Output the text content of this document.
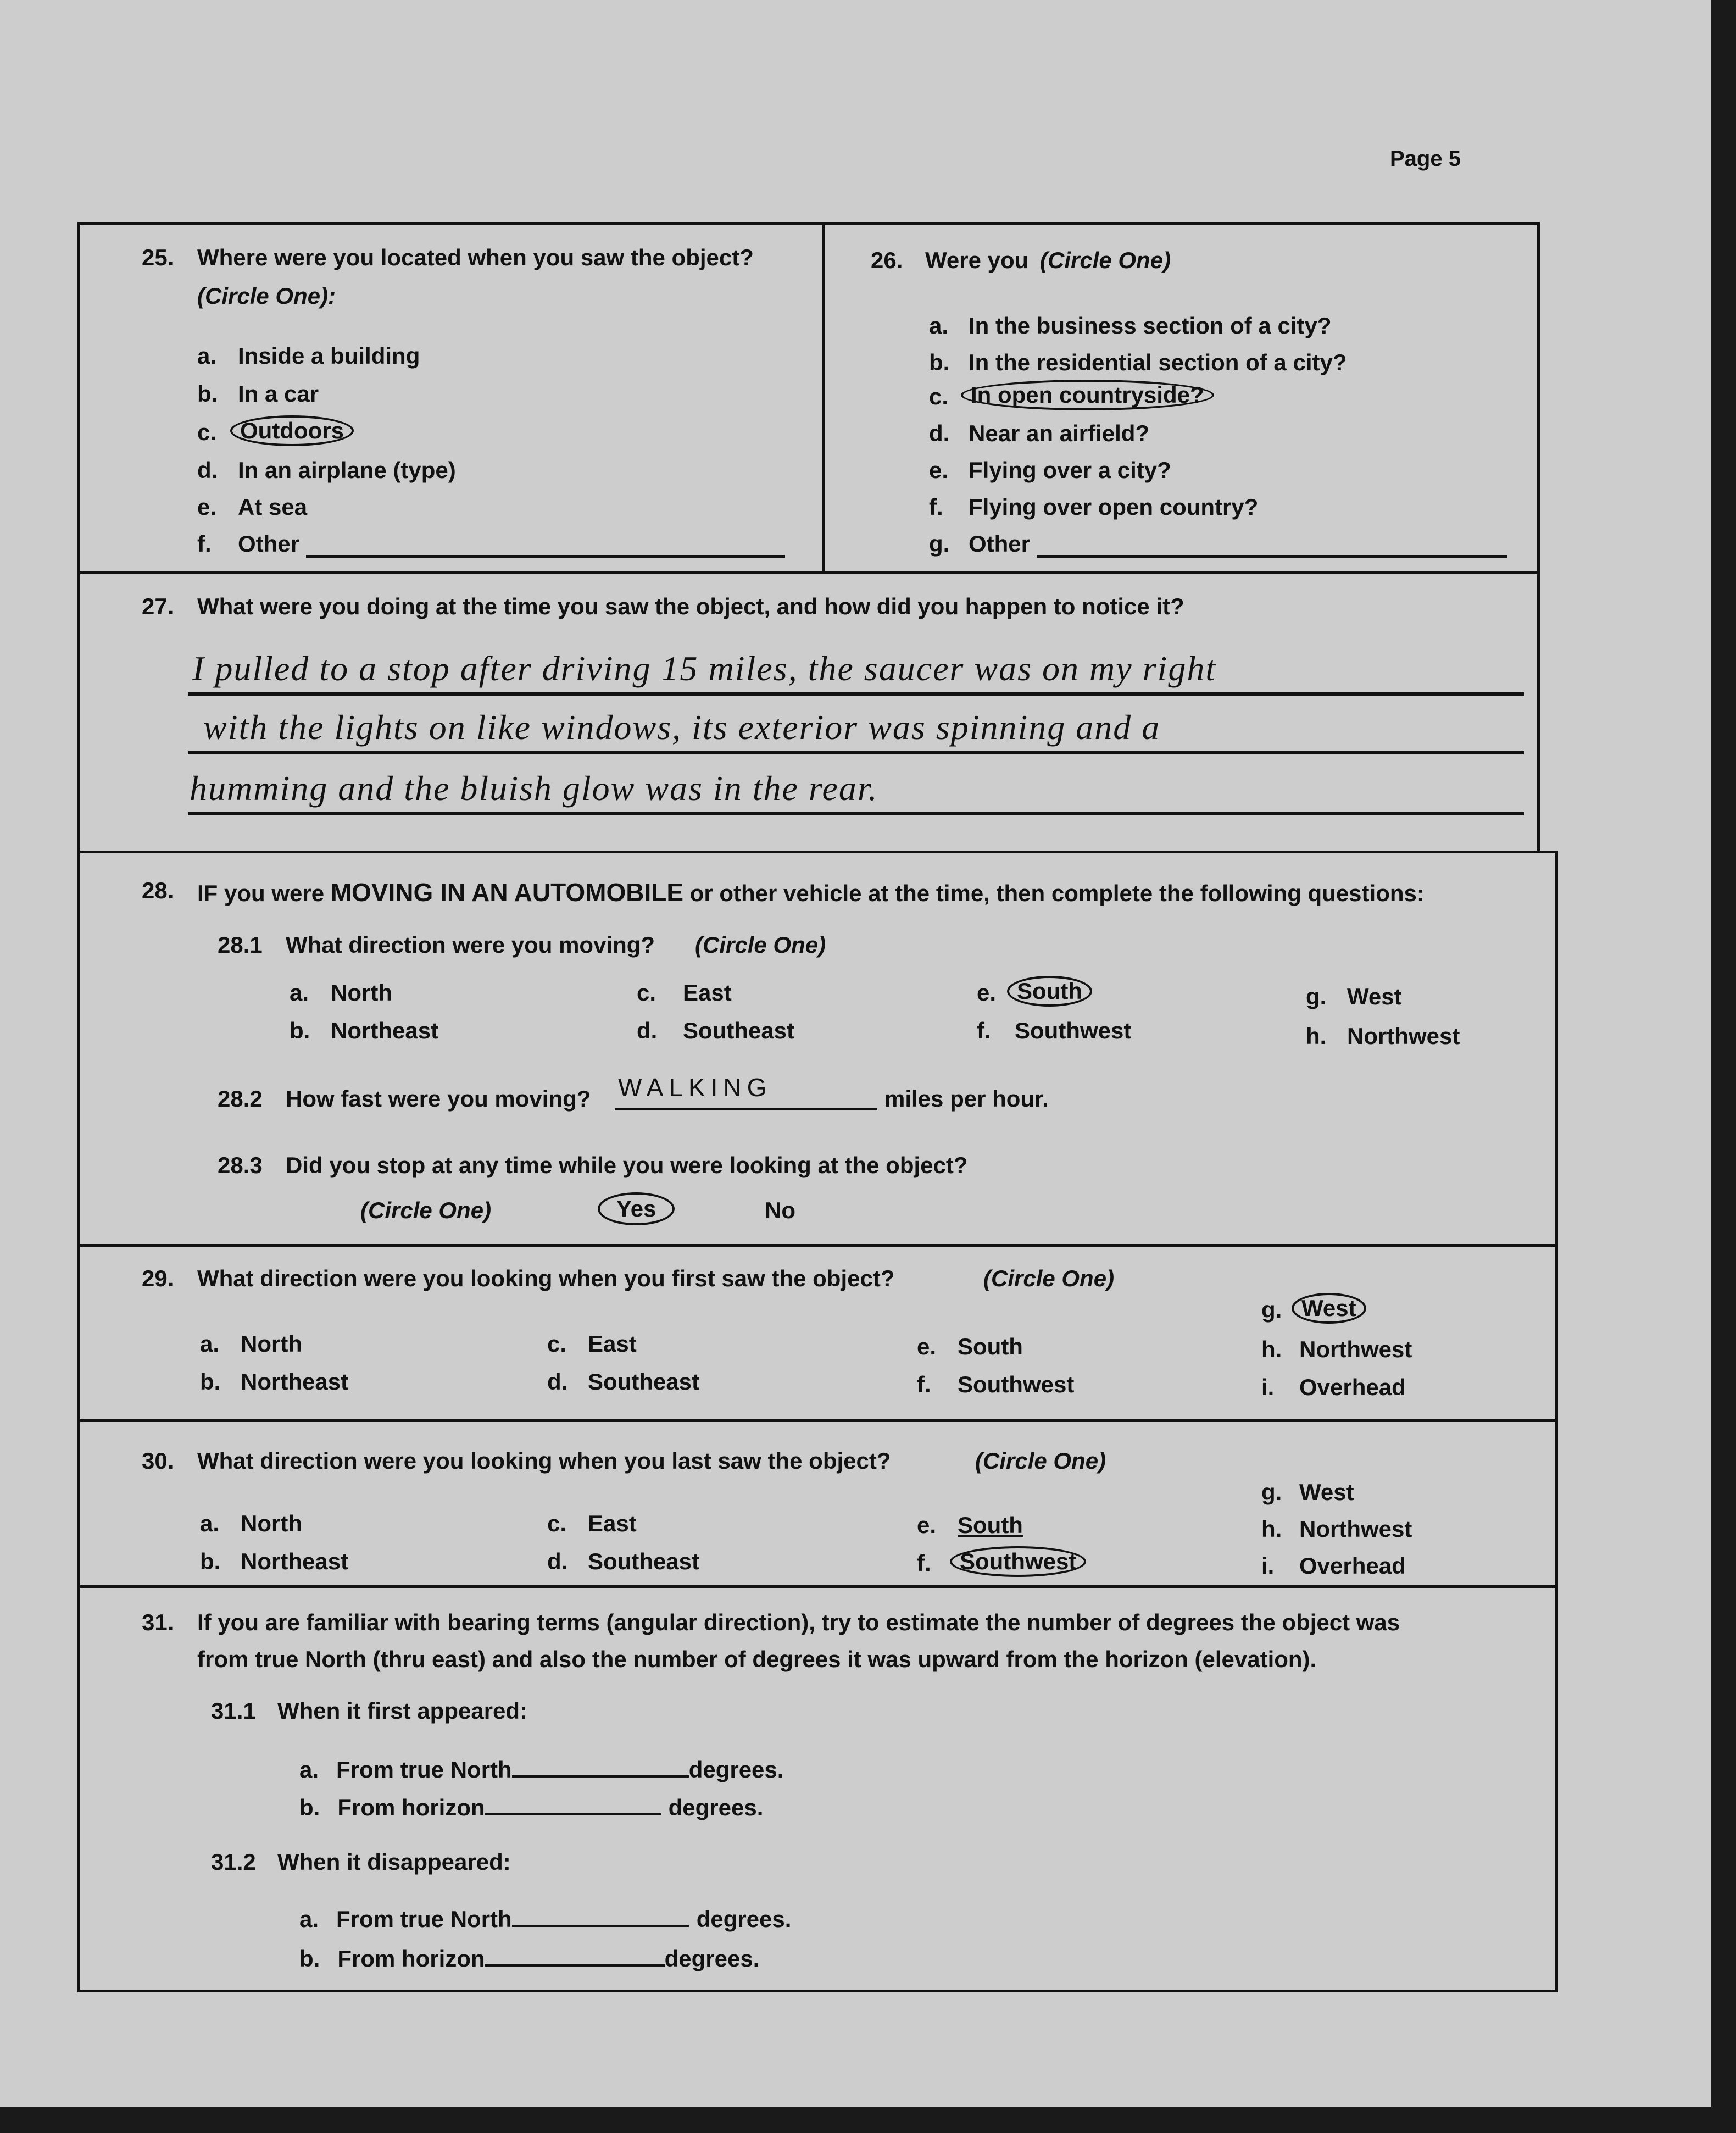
Page 5
25. Where were you located when you saw the object?
(Circle One):
a. Inside a building
b. In a car
c.	Outdoors
d. In an airplane (type)
e. At sea
f. Other
26. Were you (Circle One)
a. In the business section of a city?
b. In the residential section of a city?
c. In open countryside?
d. Near an airfield?
e. Flying over a city?
f. Flying over open country?
g. Other
27. What were you doing at the time you saw the object, and how did you happen to notice it?
I pulled to a stop after driving 15 miles, the saucer was on my right
with the lights on like windows, its exterior was spinning and a
humming and the bluish glow was in the rear.
28. IF you were MOVING IN AN AUTOMOBILE or other vehicle at the time, then complete the following questions:
28.1 What direction were you moving? (Circle One)
a. North
b. Northeast
c. East
d. Southeast
e. South
f. Southwest
g. West
h. Northwest
28.2 How fast were you moving? WALKING	miles per hour.
28.3 Did you stop at any time while you were looking at the object?
(Circle One)	Yes	No
29. What direction were you looking when you first saw the object?	(Circle One)
a. North
b. Northeast
c. East
d. Southeast
e. South
f. Southwest
g. West
h. Northwest
i. Overhead
30. What direction were you looking when you last saw the object?	(Circle One)
a. North
b. Northeast
c. East
d. Southeast
e. South
f.	Southwest
g. West
h. Northwest
i. Overhead
31. If you are familiar with bearing terms (angular direction), try to estimate the number of degrees the object was
from true North (thru east) and also the number of degrees it was upward from the horizon (elevation).
31.1 When it first appeared:
a. From true North	degrees.
b. From horizon	degrees.
31.2 When it disappeared:
a. From true North	degrees.
b. From horizon	degrees.
